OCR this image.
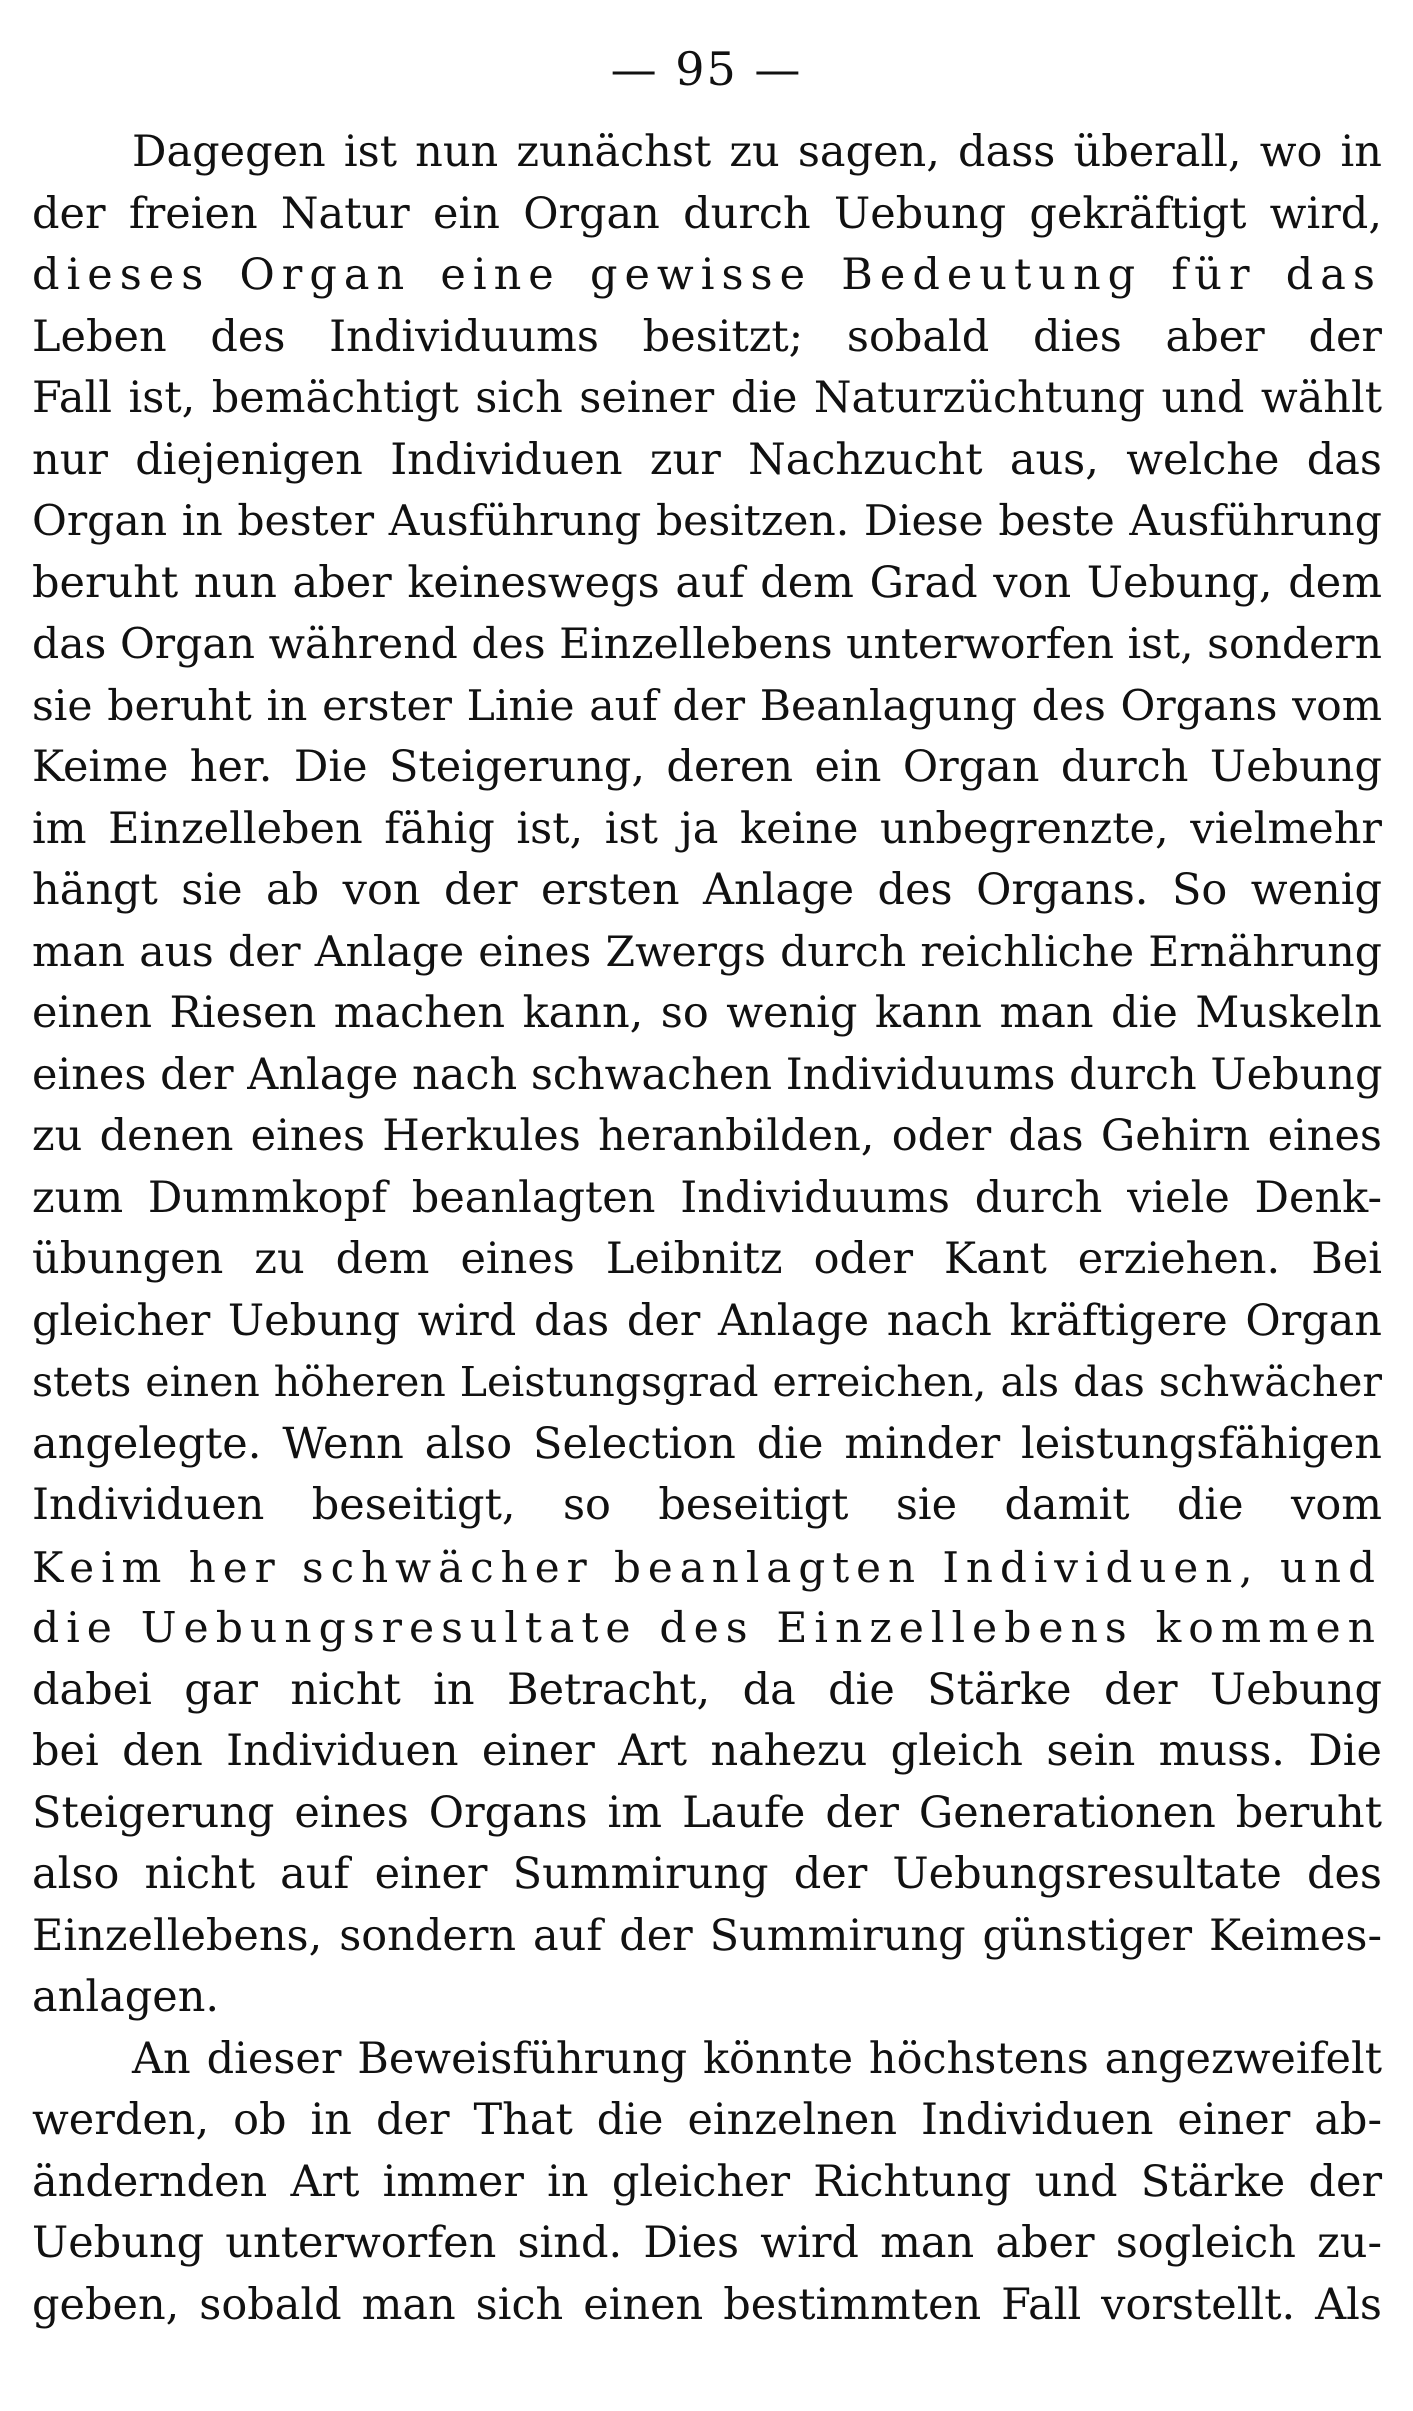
— 95 —
Dagegen ist nun zunächst zu sagen, dass überall, wo in
der freien Natur ein Organ durch Uebung gekräftigt wird,
dieses Organ eine gewisse Bedeutung für das
Leben des Individuums besitzt; sobald dies aber der
Fall ist, bemächtigt sich seiner die Naturzüchtung und wählt
nur diejenigen Individuen zur Nachzucht aus, welche das
Organ in bester Ausführung besitzen. Diese beste Ausführung
beruht nun aber keineswegs auf dem Grad von Uebung, dem
das Organ während des Einzellebens unterworfen ist, sondern
sie beruht in erster Linie auf der Beanlagung des Organs vom
Keime her. Die Steigerung, deren ein Organ durch Uebung
im Einzelleben fähig ist, ist ja keine unbegrenzte, vielmehr
hängt sie ab von der ersten Anlage des Organs. So wenig
man aus der Anlage eines Zwergs durch reichliche Ernährung
einen Riesen machen kann, so wenig kann man die Muskeln
eines der Anlage nach schwachen Individuums durch Uebung
zu denen eines Herkules heranbilden, oder das Gehirn eines
zum Dummkopf beanlagten Individuums durch viele Denk-
übungen zu dem eines Leibnitz oder Kant erziehen. Bei
gleicher Uebung wird das der Anlage nach kräftigere Organ
stets einen höheren Leistungsgrad erreichen, als das schwächer
angelegte. Wenn also Selection die minder leistungsfähigen
Individuen beseitigt, so beseitigt sie damit die vom
Keim her schwächer beanlagten Individuen, und
die Uebungsresultate des Einzellebens kommen
dabei gar nicht in Betracht, da die Stärke der Uebung
bei den Individuen einer Art nahezu gleich sein muss. Die
Steigerung eines Organs im Laufe der Generationen beruht
also nicht auf einer Summirung der Uebungsresultate des
Einzellebens, sondern auf der Summirung günstiger Keimes-
anlagen.
An dieser Beweisführung könnte höchstens angezweifelt
werden, ob in der That die einzelnen Individuen einer ab-
ändernden Art immer in gleicher Richtung und Stärke der
Uebung unterworfen sind. Dies wird man aber sogleich zu-
geben, sobald man sich einen bestimmten Fall vorstellt. Als
